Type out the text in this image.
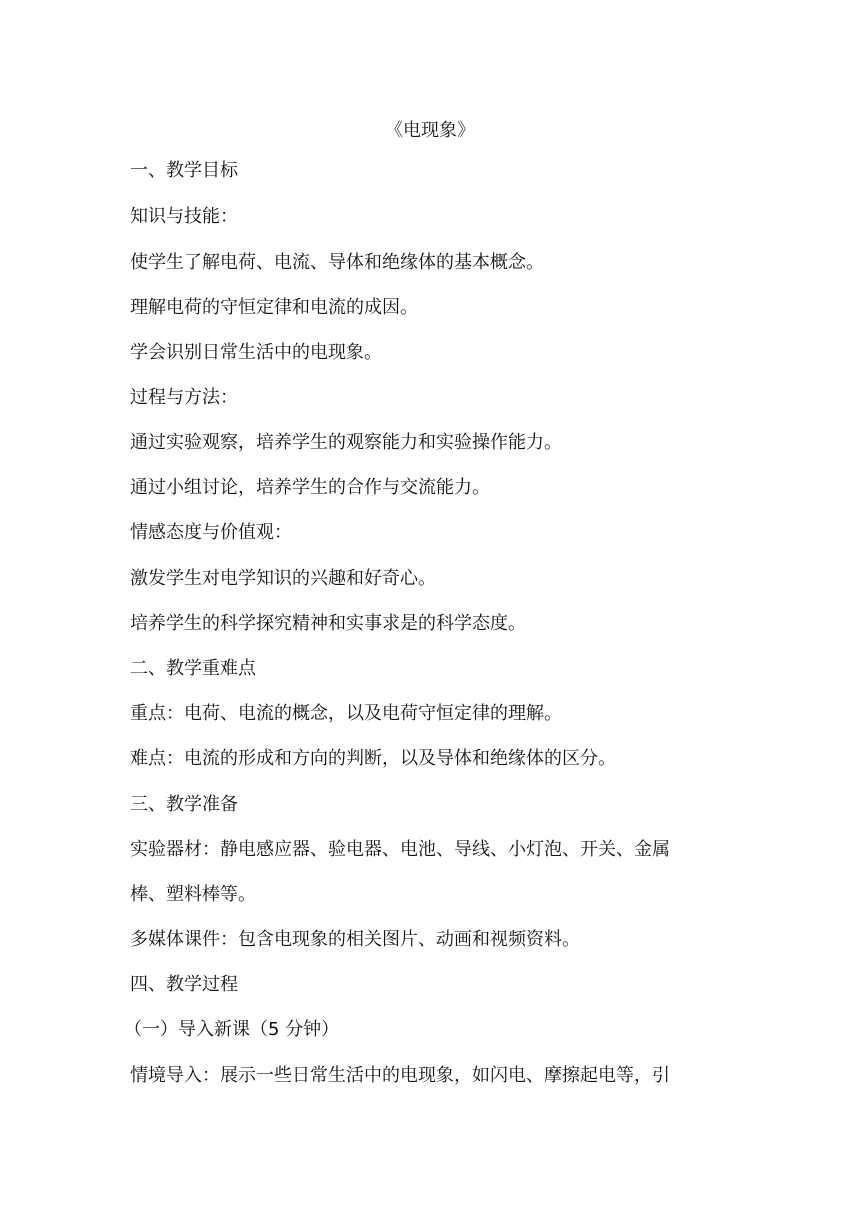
《电现象》
一、教学目标
知识与技能：
使学生了解电荷、电流、导体和绝缘体的基本概念。
理解电荷的守恒定律和电流的成因。
学会识别日常生活中的电现象。
过程与方法：
通过实验观察，培养学生的观察能力和实验操作能力。
通过小组讨论，培养学生的合作与交流能力。
情感态度与价值观：
激发学生对电学知识的兴趣和好奇心。
培养学生的科学探究精神和实事求是的科学态度。
二、教学重难点
重点：电荷、电流的概念，以及电荷守恒定律的理解。
难点：电流的形成和方向的判断，以及导体和绝缘体的区分。
三、教学准备
实验器材：静电感应器、验电器、电池、导线、小灯泡、开关、金属
棒、塑料棒等。
多媒体课件：包含电现象的相关图片、动画和视频资料。
四、教学过程
（一）导入新课（5 分钟）
情境导入：展示一些日常生活中的电现象，如闪电、摩擦起电等，引
